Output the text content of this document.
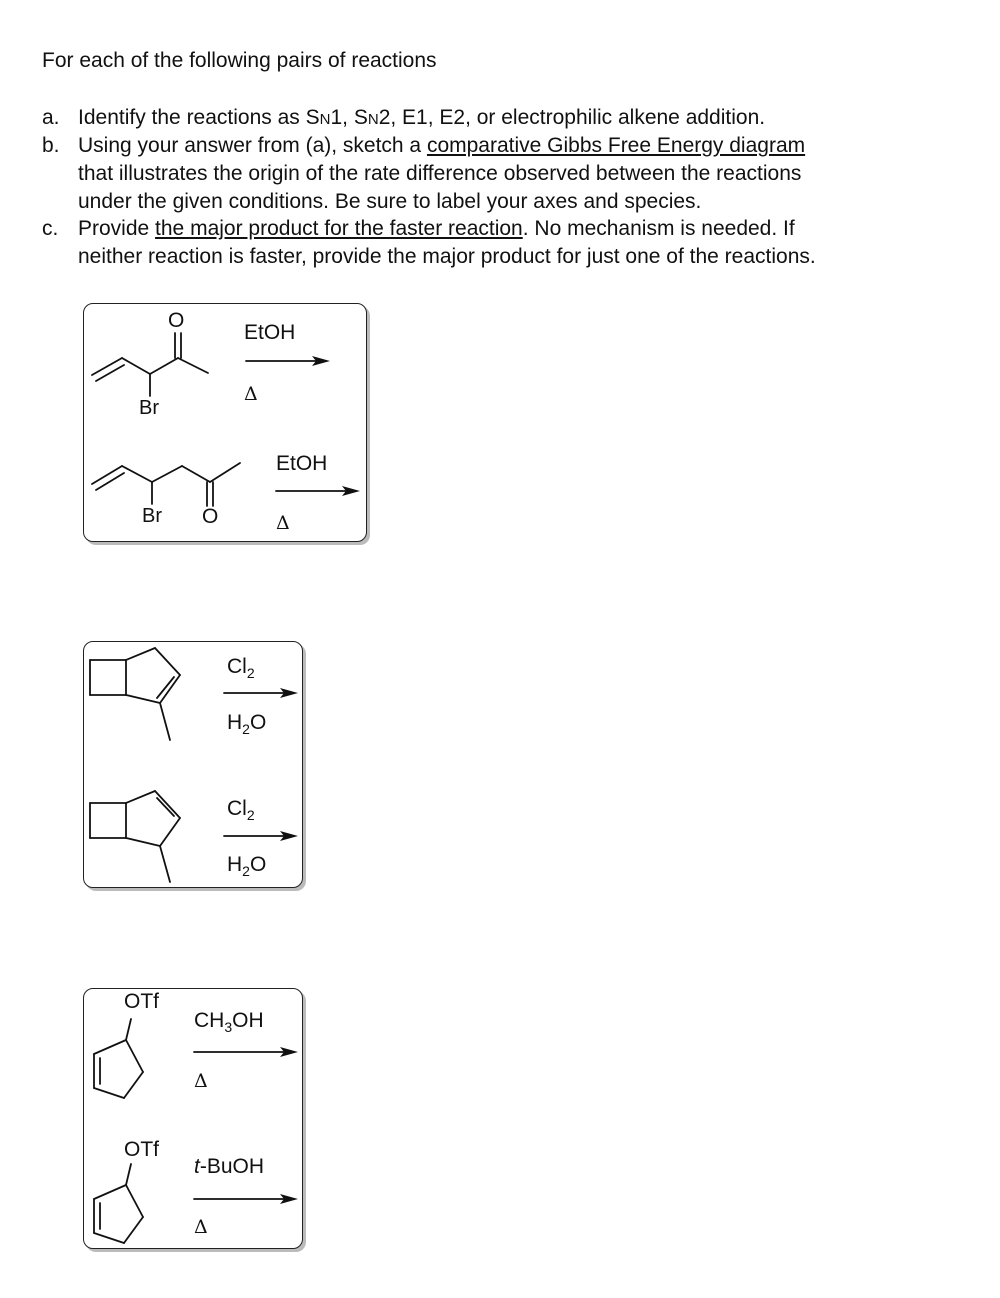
For each of the following pairs of reactions
a. Identify the reactions as SN1, SN2, E1, E2, or electrophilic alkene addition.
b. Using your answer from (a), sketch a comparative Gibbs Free Energy diagram
that illustrates the origin of the rate difference observed between the reactions
under the given conditions. Be sure to label your axes and species.
c. Provide the major product for the faster reaction. No mechanism is needed. If
neither reaction is faster, provide the major product for just one of the reactions.
O
Br
EtOH
Δ
Br O
EtOH
Δ
$Cl_2$
$H_2O$
$Cl_2$
$H_2O$
OTf
$CH_3OH$
Δ
OTf
t-BuOH
Δ
